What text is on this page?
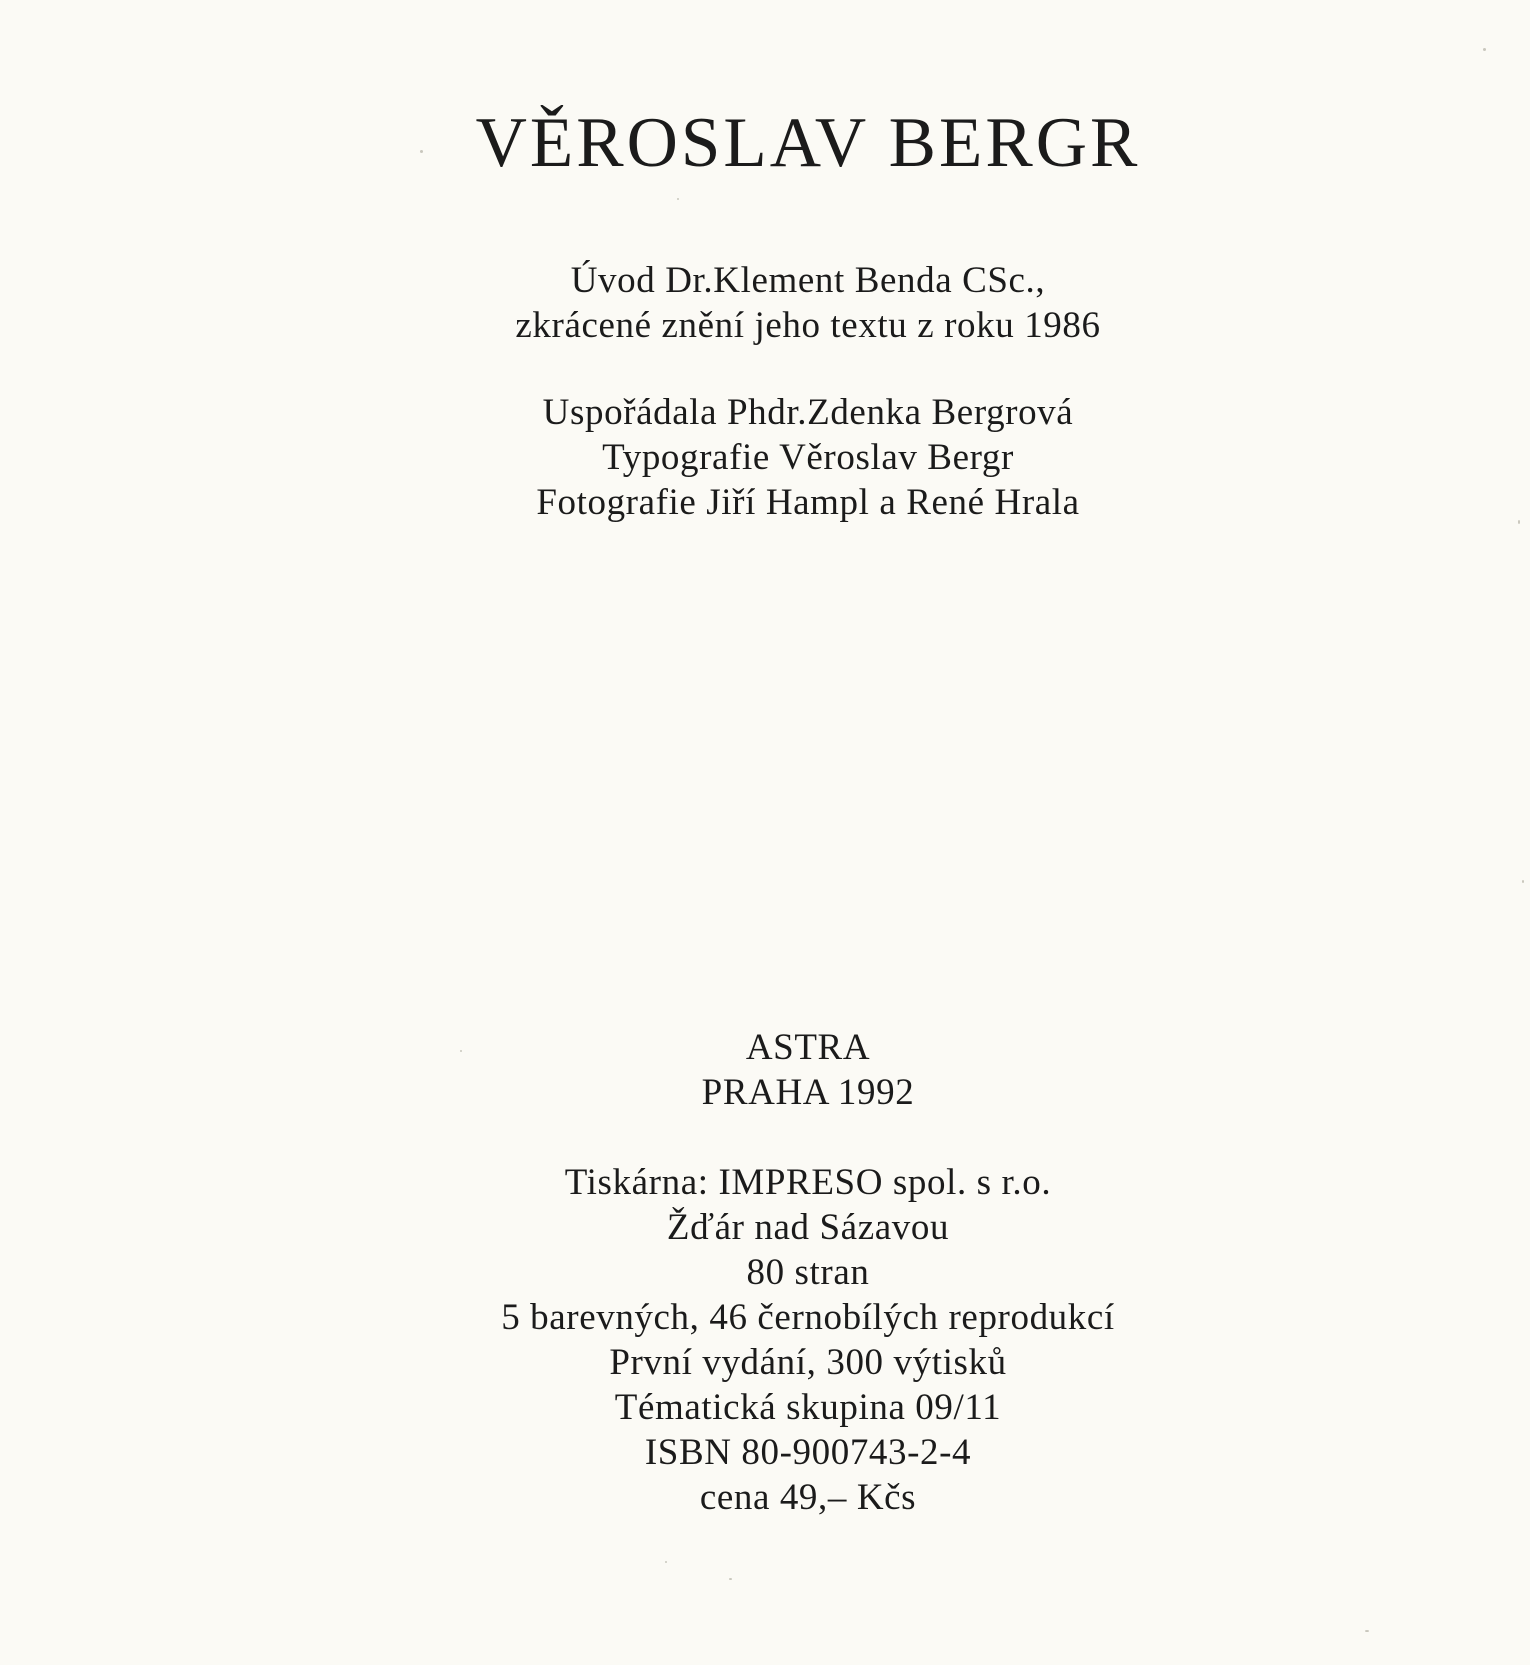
VĚROSLAV BERGR
Úvod Dr.Klement Benda CSc.,
zkrácené znění jeho textu z roku 1986
Uspořádala Phdr.Zdenka Bergrová
Typografie Věroslav Bergr
Fotografie Jiří Hampl a René Hrala
ASTRA
PRAHA 1992
Tiskárna: IMPRESO spol. s r.o.
Žďár nad Sázavou
80 stran
5 barevných, 46 černobílých reprodukcí
První vydání, 300 výtisků
Tématická skupina 09/11
ISBN 80-900743-2-4
cena 49,– Kčs
